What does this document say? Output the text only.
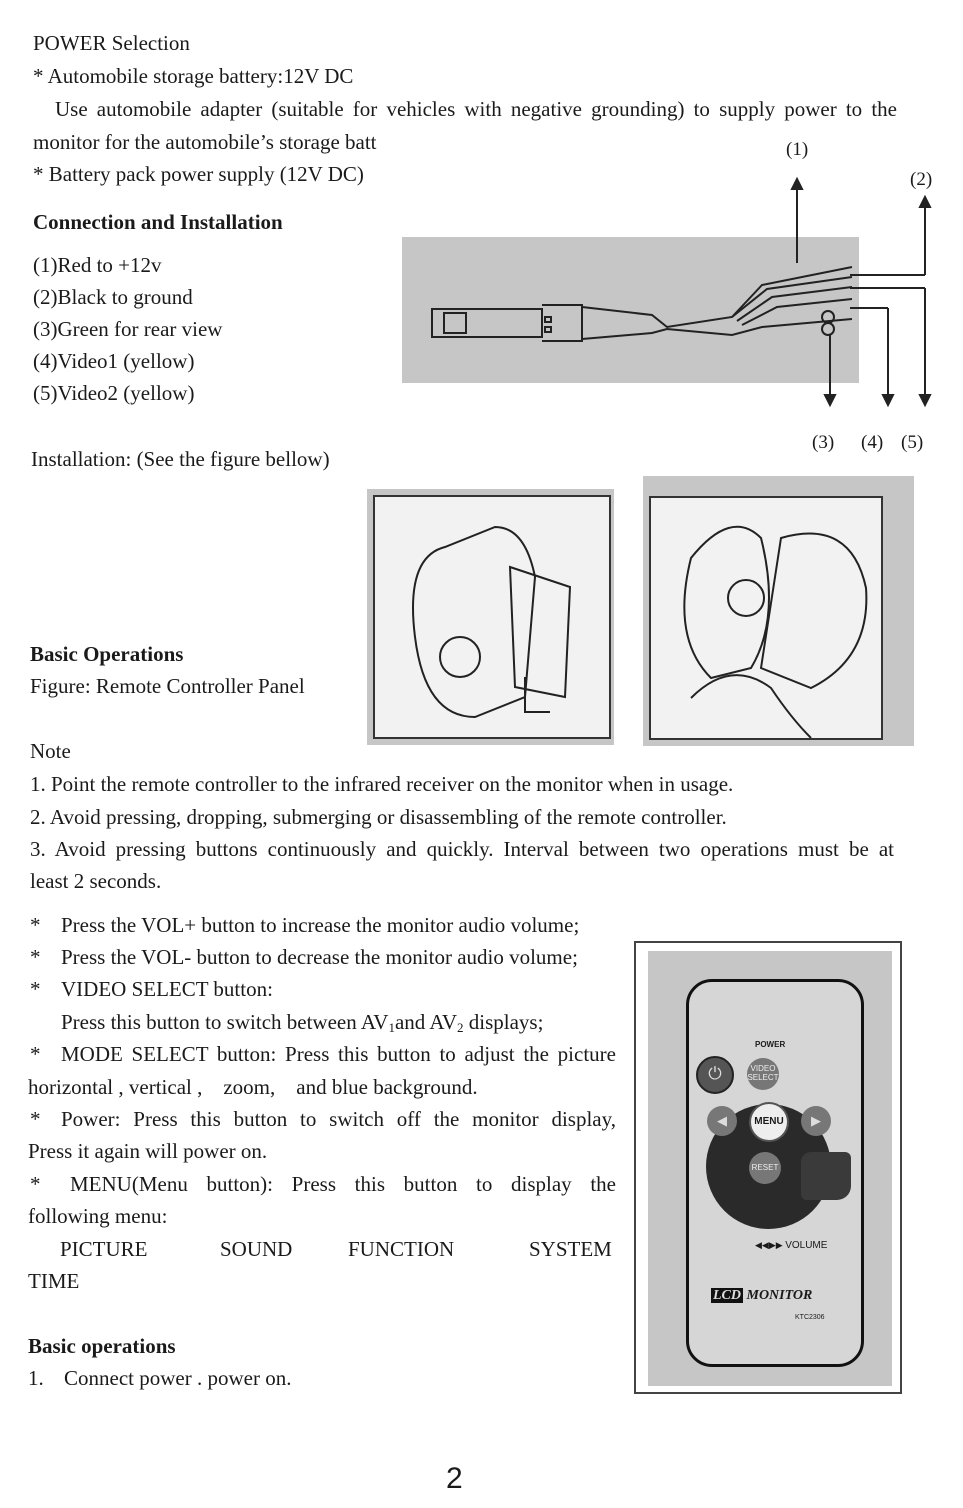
POWER Selection
* Automobile storage battery:12V DC
Use automobile adapter (suitable for vehicles with negative grounding) to supply power to the
monitor for the automobile’s storage batt
* Battery pack power supply (12V DC)
Connection and Installation
(1)Red to +12v
(2)Black to ground
(3)Green for rear view
(4)Video1 (yellow)
(5)Video2 (yellow)
Installation: (See the figure bellow)
(1)
(2)
(3) (4) (5)
Basic Operations
Figure: Remote Controller Panel
Note
1. Point the remote controller to the infrared receiver on the monitor when in usage.
2. Avoid pressing, dropping, submerging or disassembling of the remote controller.
3. Avoid pressing buttons continuously and quickly. Interval between two operations must be at
least 2 seconds.
* Press the VOL+ button to increase the monitor audio volume;
* Press the VOL- button to decrease the monitor audio volume;
* VIDEO SELECT button:
Press this button to switch between $AV_1and$ $AV_2$ displays;
* MODE SELECT button: Press this button to adjust the picture
horizontal , vertical ,    zoom,    and blue background.
* Power: Press this button to switch off the monitor display,
Press it again will power on.
* MENU(Menu button): Press this button to display the
following menu:
PICTURE	SOUND	FUNCTION	SYSTEM
TIME
Basic operations
1. Connect power . power on.
POWER
⏻	VIDEO
SELECT
◀	MENU	▶
RESET
◀◀▶▶ VOLUME
LCD MONITOR
KTC2306
2
